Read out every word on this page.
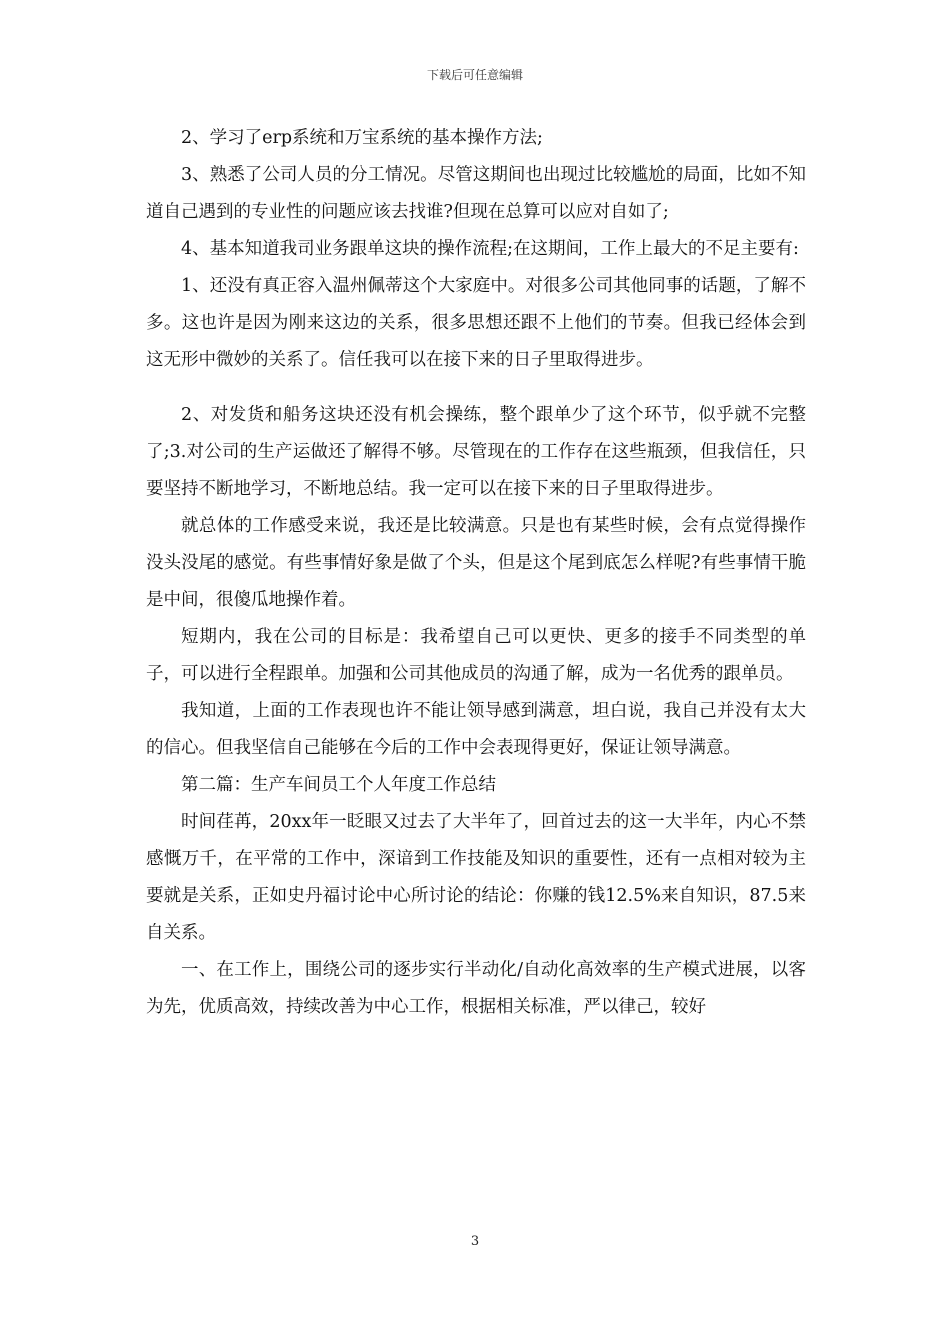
下载后可任意编辑

2、学习了erp系统和万宝系统的基本操作方法;

3、熟悉了公司人员的分工情况。尽管这期间也出现过比较尴尬的局面，比如不知道自己遇到的专业性的问题应该去找谁?但现在总算可以应对自如了;

4、基本知道我司业务跟单这块的操作流程;在这期间，工作上最大的不足主要有:

1、还没有真正容入温州佩蒂这个大家庭中。对很多公司其他同事的话题，了解不多。这也许是因为刚来这边的关系，很多思想还跟不上他们的节奏。但我已经体会到这无形中微妙的关系了。信任我可以在接下来的日子里取得进步。

2、对发货和船务这块还没有机会操练，整个跟单少了这个环节，似乎就不完整了;3.对公司的生产运做还了解得不够。尽管现在的工作存在这些瓶颈，但我信任，只要坚持不断地学习，不断地总结。我一定可以在接下来的日子里取得进步。

就总体的工作感受来说，我还是比较满意。只是也有某些时候，会有点觉得操作没头没尾的感觉。有些事情好象是做了个头，但是这个尾到底怎么样呢?有些事情干脆是中间，很傻瓜地操作着。

短期内，我在公司的目标是：我希望自己可以更快、更多的接手不同类型的单子，可以进行全程跟单。加强和公司其他成员的沟通了解，成为一名优秀的跟单员。

我知道，上面的工作表现也许不能让领导感到满意，坦白说，我自己并没有太大的信心。但我坚信自己能够在今后的工作中会表现得更好，保证让领导满意。

第二篇：生产车间员工个人年度工作总结

时间荏苒，20xx年一眨眼又过去了大半年了，回首过去的这一大半年，内心不禁感慨万千，在平常的工作中，深谙到工作技能及知识的重要性，还有一点相对较为主要就是关系，正如史丹福讨论中心所讨论的结论：你赚的钱12.5%来自知识，87.5来自关系。

一、在工作上，围绕公司的逐步实行半动化/自动化高效率的生产模式进展，以客为先，优质高效，持续改善为中心工作，根据相关标准，严以律己，较好

3
